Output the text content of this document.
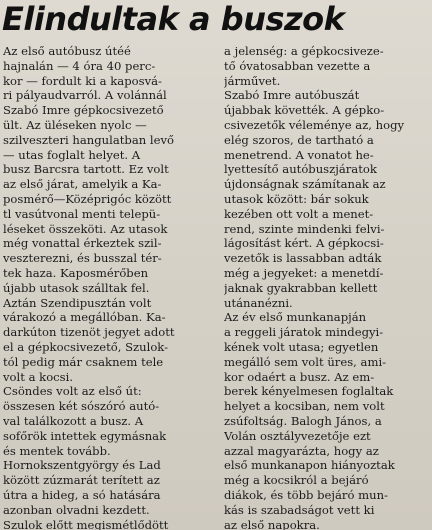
Elindultak a buszok
Az első autóbusz útéé
hajnalán — 4 óra 40 perc-
kor — fordult ki a kaposvá-
ri pályaudvarról. A volánnál
Szabó Imre gépkocsivezető
ült. Az üléseken nyolc —
szilveszteri hangulatban levő
— utas foglalt helyet. A
busz Barcsra tartott. Ez volt
az első járat, amelyik a Ka-
posmérő—Középrigóc között
tl vasútvonal menti telepü-
léseket összeköti. Az utasok
még vonattal érkeztek szil-
veszterezni, és busszal tér-
tek haza. Kaposmérőben
újabb utasok szálltak fel.
Aztán Szendipusztán volt
várakozó a megállóban. Ka-
darkúton tizenöt jegyet adott
el a gépkocsivezető, Szulok-
tól pedig már csaknem tele
volt a kocsi.
Csöndes volt az első út:
összesen két sószóró autó-
val találkozott a busz. A
sofőrök intettek egymásnak
és mentek tovább.
Hornokszentgyörgy és Lad
között zúzmarát terített az
útra a hideg, a só hatására
azonban olvadni kezdett.
Szulok előtt megismétlődött
a jelenség: a gépkocsiveze-
tő óvatosabban vezette a
járművet.
Szabó Imre autóbuszát
újabbak követték. A gépko-
csivezetők véleménye az, hogy
elég szoros, de tartható a
menetrend. A vonatot he-
lyettesítő autóbuszjáratok
újdonságnak számítanak az
utasok között: bár sokuk
kezében ott volt a menet-
rend, szinte mindenki felvi-
lágosítást kért. A gépkocsi-
vezetők is lassabban adták
még a jegyeket: a menetdí-
jaknak gyakrabban kellett
utánanézni.
Az év első munkanapján
a reggeli járatok mindegyi-
kének volt utasa; egyetlen
megálló sem volt üres, ami-
kor odaért a busz. Az em-
berek kényelmesen foglaltak
helyet a kocsiban, nem volt
zsúfoltság. Balogh János, a
Volán osztályvezetője ezt
azzal magyarázta, hogy az
első munkanapon hiányoztak
még a kocsikról a bejáró
diákok, és több bejáró mun-
kás is szabadságot vett ki
az első napokra.
